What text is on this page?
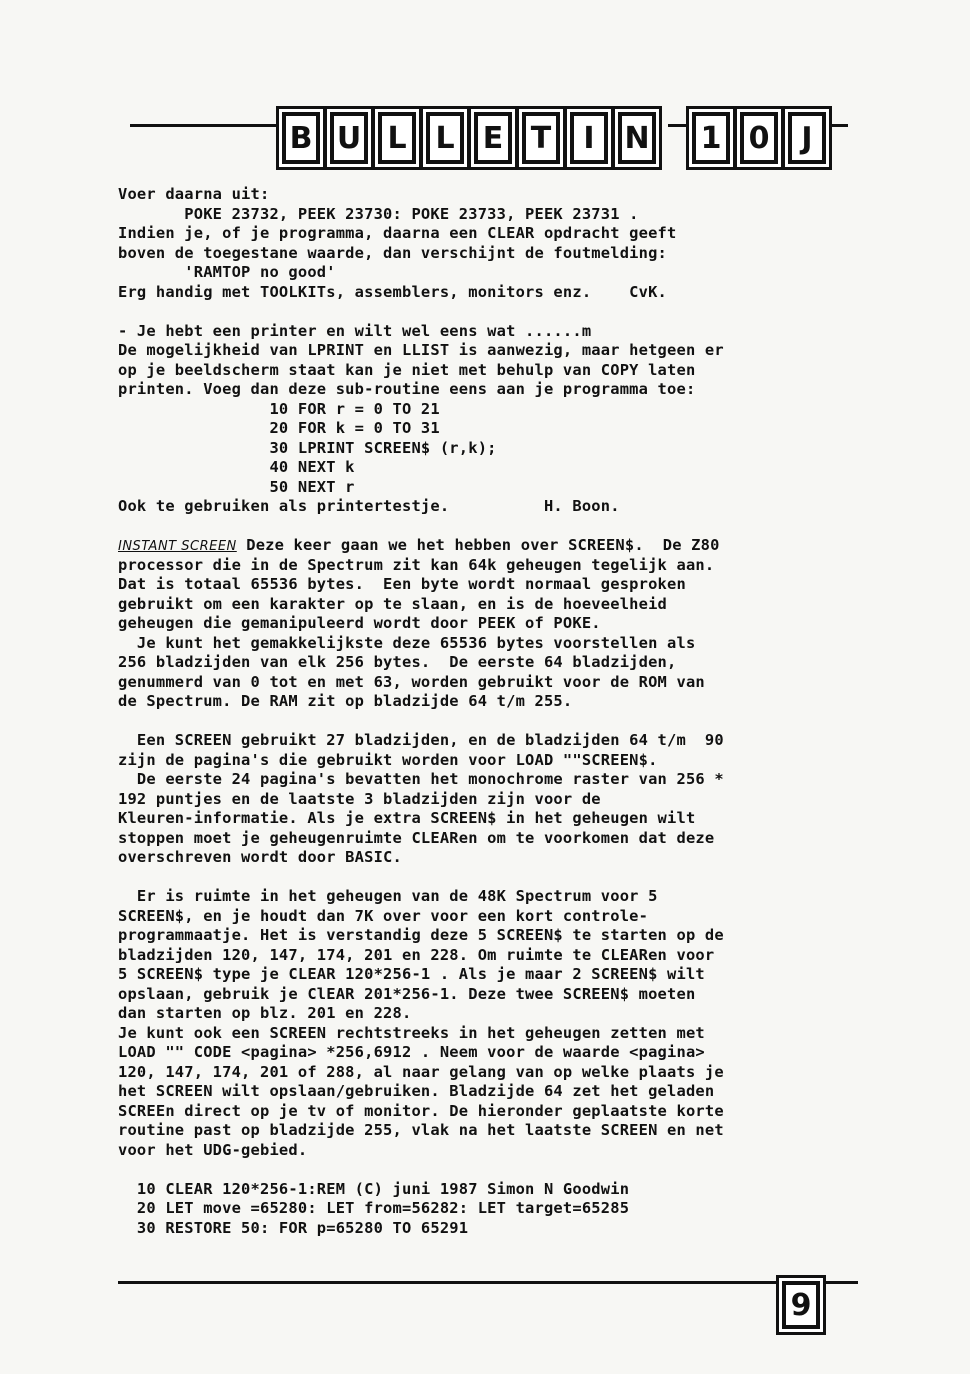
B U L L E T	I N 1 0	J
Voer daarna uit:
POKE 23732, PEEK 23730: POKE 23733, PEEK 23731 .
Indien je, of je programma, daarna een CLEAR opdracht geeft
boven de toegestane waarde, dan verschijnt de foutmelding:
'RAMTOP no good'
Erg handig met TOOLKITs, assemblers, monitors enz.    CvK.
- Je hebt een printer en wilt wel eens wat ......m
De mogelijkheid van LPRINT en LLIST is aanwezig, maar hetgeen er
op je beeldscherm staat kan je niet met behulp van COPY laten
printen. Voeg dan deze sub-routine eens aan je programma toe:
10 FOR r = 0 TO 21
20 FOR k = 0 TO 31
30 LPRINT SCREEN$ (r,k);
40 NEXT k
50 NEXT r
Ook te gebruiken als printertestje.          H. Boon.
INSTANT SCREEN Deze keer gaan we het hebben over SCREEN$.  De Z80
processor die in de Spectrum zit kan 64k geheugen tegelijk aan.
Dat is totaal 65536 bytes.  Een byte wordt normaal gesproken
gebruikt om een karakter op te slaan, en is de hoeveelheid
geheugen die gemanipuleerd wordt door PEEK of POKE.
Je kunt het gemakkelijkste deze 65536 bytes voorstellen als
256 bladzijden van elk 256 bytes.  De eerste 64 bladzijden,
genummerd van 0 tot en met 63, worden gebruikt voor de ROM van
de Spectrum. De RAM zit op bladzijde 64 t/m 255.
Een SCREEN gebruikt 27 bladzijden, en de bladzijden 64 t/m  90
zijn de pagina's die gebruikt worden voor LOAD ""SCREEN$.
De eerste 24 pagina's bevatten het monochrome raster van 256 *
192 puntjes en de laatste 3 bladzijden zijn voor de
Kleuren-informatie. Als je extra SCREEN$ in het geheugen wilt
stoppen moet je geheugenruimte CLEARen om te voorkomen dat deze
overschreven wordt door BASIC.
Er is ruimte in het geheugen van de 48K Spectrum voor 5
SCREEN$, en je houdt dan 7K over voor een kort controle-
programmaatje. Het is verstandig deze 5 SCREEN$ te starten op de
bladzijden 120, 147, 174, 201 en 228. Om ruimte te CLEARen voor
5 SCREEN$ type je CLEAR 120*256-1 . Als je maar 2 SCREEN$ wilt
opslaan, gebruik je ClEAR 201*256-1. Deze twee SCREEN$ moeten
dan starten op blz. 201 en 228.
Je kunt ook een SCREEN rechtstreeks in het geheugen zetten met
LOAD "" CODE <pagina> *256,6912 . Neem voor de waarde <pagina>
120, 147, 174, 201 of 288, al naar gelang van op welke plaats je
het SCREEN wilt opslaan/gebruiken. Bladzijde 64 zet het geladen
SCREEn direct op je tv of monitor. De hieronder geplaatste korte
routine past op bladzijde 255, vlak na het laatste SCREEN en net
voor het UDG-gebied.
10 CLEAR 120*256-1:REM (C) juni 1987 Simon N Goodwin
20 LET move =65280: LET from=56282: LET target=65285
30 RESTORE 50: FOR p=65280 TO 65291
9
